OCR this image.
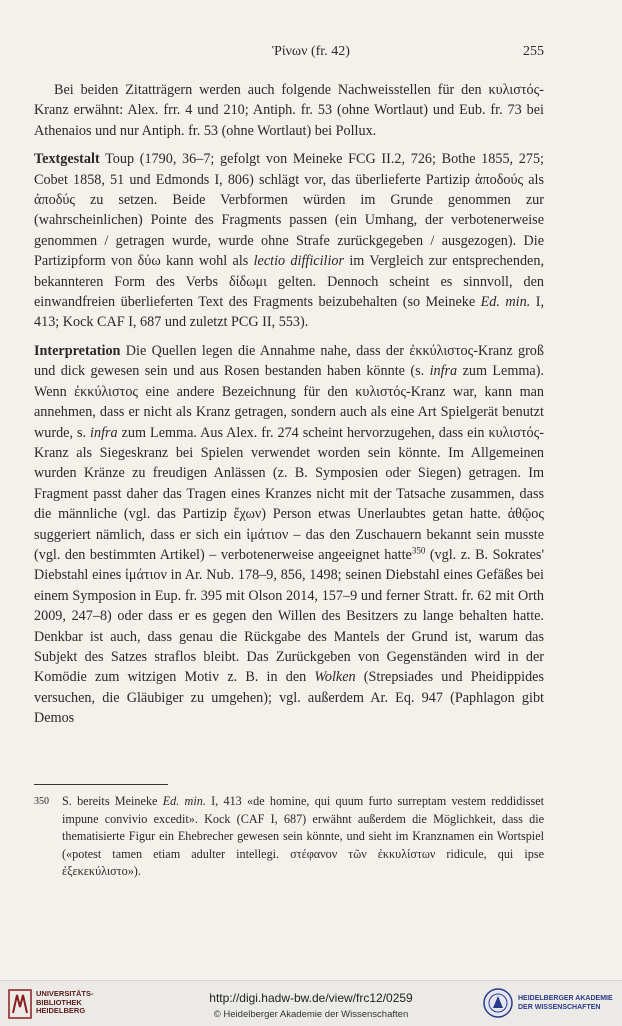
Ῥίνων (fr. 42)	255

Bei beiden Zitatträgern werden auch folgende Nachweisstellen für den κυλιστός-Kranz erwähnt: Alex. frr. 4 und 210; Antiph. fr. 53 (ohne Wortlaut) und Eub. fr. 73 bei Athenaios und nur Antiph. fr. 53 (ohne Wortlaut) bei Pollux.

Textgestalt Toup (1790, 36–7; gefolgt von Meineke FCG II.2, 726; Bothe 1855, 275; Cobet 1858, 51 und Edmonds I, 806) schlägt vor, das überlieferte Partizip ἀποδούς als ἀποδύς zu setzen. Beide Verbformen würden im Grunde genommen zur (wahrscheinlichen) Pointe des Fragments passen (ein Umhang, der verbotenerweise genommen / getragen wurde, wurde ohne Strafe zurückgegeben / ausgezogen). Die Partizipform von δύω kann wohl als lectio difficilior im Vergleich zur entsprechenden, bekannteren Form des Verbs δίδωμι gelten. Dennoch scheint es sinnvoll, den einwandfreien überlieferten Text des Fragments beizubehalten (so Meineke Ed. min. I, 413; Kock CAF I, 687 und zuletzt PCG II, 553).

Interpretation Die Quellen legen die Annahme nahe, dass der ἐκκύλιστος-Kranz groß und dick gewesen sein und aus Rosen bestanden haben könnte (s. infra zum Lemma). Wenn ἐκκύλιστος eine andere Bezeichnung für den κυλιστός-Kranz war, kann man annehmen, dass er nicht als Kranz getragen, sondern auch als eine Art Spielgerät benutzt wurde, s. infra zum Lemma. Aus Alex. fr. 274 scheint hervorzugehen, dass ein κυλιστός-Kranz als Siegeskranz bei Spielen verwendet worden sein könnte. Im Allgemeinen wurden Kränze zu freudigen Anlässen (z. B. Symposien oder Siegen) getragen. Im Fragment passt daher das Tragen eines Kranzes nicht mit der Tatsache zusammen, dass die männliche (vgl. das Partizip ἔχων) Person etwas Unerlaubtes getan hatte. ἀθῷος suggeriert nämlich, dass er sich ein ἱμάτιον – das den Zuschauern bekannt sein musste (vgl. den bestimmten Artikel) – verbotenerweise angeeignet hatte$^{350}$ (vgl. z. B. Sokrates' Diebstahl eines ἱμάτιον in Ar. Nub. 178–9, 856, 1498; seinen Diebstahl eines Gefäßes bei einem Symposion in Eup. fr. 395 mit Olson 2014, 157–9 und ferner Stratt. fr. 62 mit Orth 2009, 247–8) oder dass er es gegen den Willen des Besitzers zu lange behalten hatte. Denkbar ist auch, dass genau die Rückgabe des Mantels der Grund ist, warum das Subjekt des Satzes straflos bleibt. Das Zurückgeben von Gegenständen wird in der Komödie zum witzigen Motiv z. B. in den Wolken (Strepsiades und Pheidippides versuchen, die Gläubiger zu umgehen); vgl. außerdem Ar. Eq. 947 (Paphlagon gibt Demos

350	S. bereits Meineke Ed. min. I, 413 «de homine, qui quum furto surreptam vestem reddidisset impune convivio excedit». Kock (CAF I, 687) erwähnt außerdem die Möglichkeit, dass die thematisierte Figur ein Ehebrecher gewesen sein könnte, und sieht im Kranznamen ein Wortspiel («potest tamen etiam adulter intellegi. στέφανον τῶν ἐκκυλίστων ridicule, qui ipse ἐξεκεκύλιστο»).
UNIVERSITÄTS-
BIBLIOTHEK
HEIDELBERG
http://digi.hadw-bw.de/view/frc12/0259
© Heidelberger Akademie der Wissenschaften
HEIDELBERGER AKADEMIE
DER WISSENSCHAFTEN
